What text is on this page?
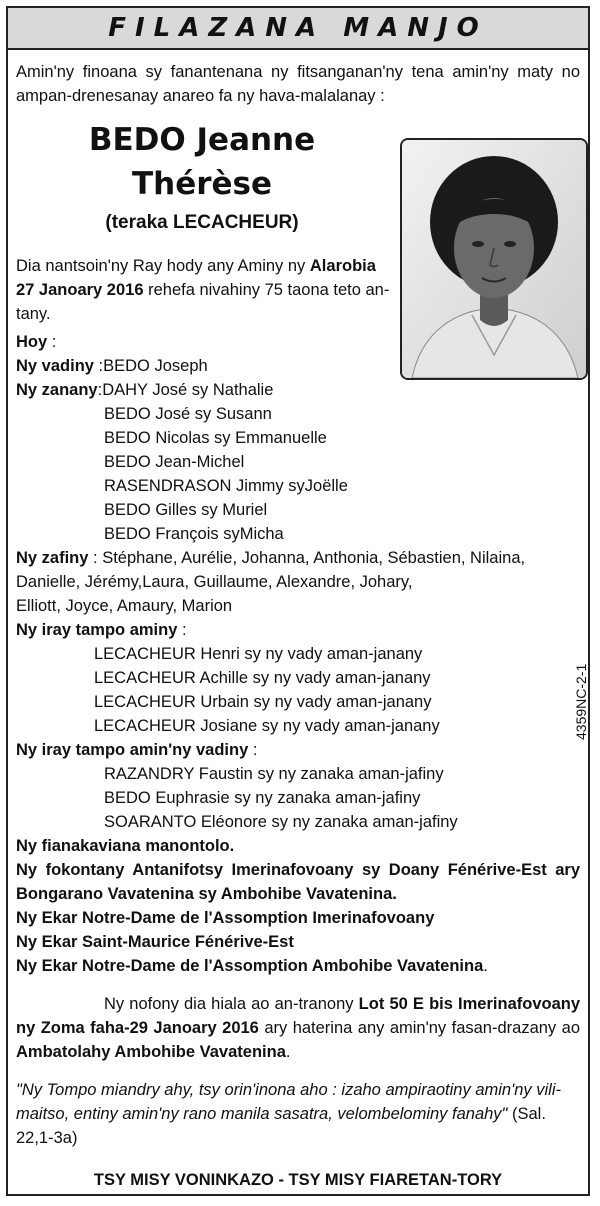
FILAZANA MANJO

Amin'ny finoana sy fanantenana ny fitsanganan'ny tena amin'ny maty no ampan-drenesanay anareo fa ny hava-malalanay :

BEDO Jeanne
Thérèse
(teraka LECACHEUR)
Dia nantsoin'ny Ray hody any Aminy ny Alarobia 27 Janoary 2016 rehefa nivahiny 75 taona teto an-tany.

Hoy :

Ny vadiny :BEDO Joseph

Ny zanany:DAHY José sy Nathalie

BEDO José sy Susann

BEDO Nicolas sy Emmanuelle

BEDO Jean-Michel

RASENDRASON Jimmy syJoëlle

BEDO Gilles sy Muriel

BEDO François syMicha

Ny zafiny : Stéphane, Aurélie, Johanna, Anthonia, Sébastien, Nilaina,

Danielle, Jérémy,Laura, Guillaume, Alexandre, Johary,

Elliott, Joyce, Amaury, Marion

Ny iray tampo aminy :

LECACHEUR Henri sy ny vady aman-janany

LECACHEUR Achille sy ny vady aman-janany

LECACHEUR Urbain sy ny vady aman-janany

LECACHEUR Josiane sy ny vady aman-janany

Ny iray tampo amin'ny vadiny :

RAZANDRY Faustin sy ny zanaka aman-jafiny

BEDO Euphrasie sy ny zanaka aman-jafiny

SOARANTO Eléonore sy ny zanaka aman-jafiny

Ny fianakaviana manontolo.

Ny fokontany Antanifotsy Imerinafovoany sy Doany Fénérive-Est ary Bongarano Vavatenina sy Ambohibe Vavatenina.

Ny Ekar Notre-Dame de l'Assomption Imerinafovoany

Ny Ekar Saint-Maurice Fénérive-Est

Ny Ekar Notre-Dame de l'Assomption Ambohibe Vavatenina.

Ny nofony dia hiala ao an-tranony Lot 50 E bis Imerinafovoany ny Zoma faha-29 Janoary 2016 ary haterina any amin'ny fasan-drazany ao Ambatolahy Ambohibe Vavatenina.

"Ny Tompo miandry ahy, tsy orin'inona aho : izaho ampiraotiny amin'ny vili-maitso, entiny amin'ny rano manila sasatra, velombelominy fanahy" (Sal. 22,1-3a)

TSY MISY VONINKAZO - TSY MISY FIARETAN-TORY
4359NC-2-1
